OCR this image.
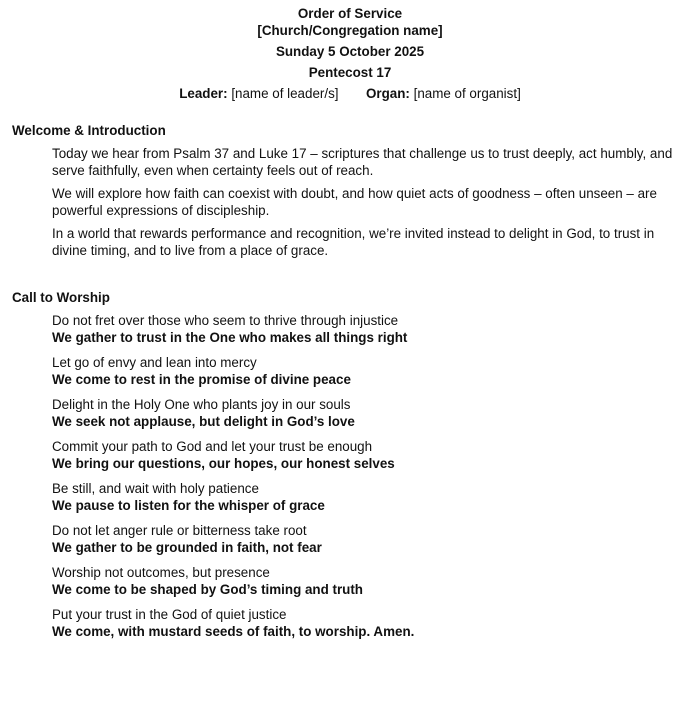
Order of Service
[Church/Congregation name]
Sunday 5 October 2025
Pentecost 17
Leader: [name of leader/s] Organ: [name of organist]
Welcome & Introduction
Today we hear from Psalm 37 and Luke 17 – scriptures that challenge us to trust deeply, act humbly, and serve faithfully, even when certainty feels out of reach.
We will explore how faith can coexist with doubt, and how quiet acts of goodness – often unseen – are powerful expressions of discipleship.
In a world that rewards performance and recognition, we’re invited instead to delight in God, to trust in divine timing, and to live from a place of grace.
Call to Worship
Do not fret over those who seem to thrive through injustice
We gather to trust in the One who makes all things right
Let go of envy and lean into mercy
We come to rest in the promise of divine peace
Delight in the Holy One who plants joy in our souls
We seek not applause, but delight in God’s love
Commit your path to God and let your trust be enough
We bring our questions, our hopes, our honest selves
Be still, and wait with holy patience
We pause to listen for the whisper of grace
Do not let anger rule or bitterness take root
We gather to be grounded in faith, not fear
Worship not outcomes, but presence
We come to be shaped by God’s timing and truth
Put your trust in the God of quiet justice
We come, with mustard seeds of faith, to worship. Amen.
